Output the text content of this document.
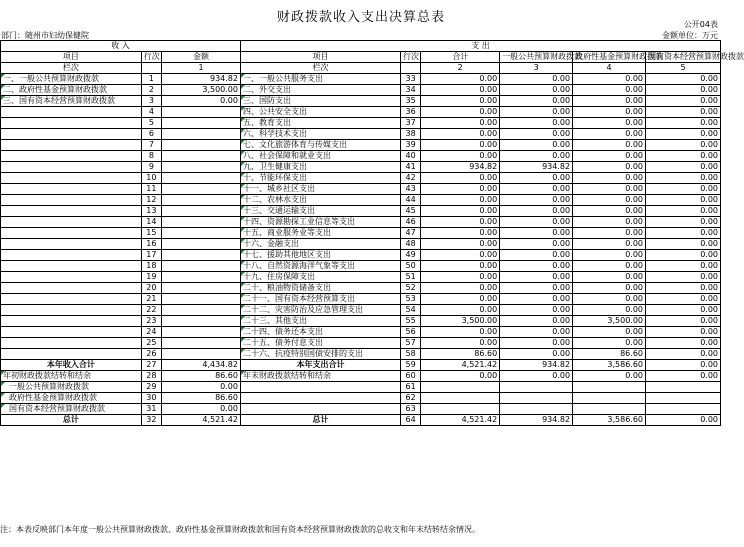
财政拨款收入支出决算总表	公开04表
部门：随州市妇幼保健院	金额单位：万元
收 入			支 出					
项目	行次	金额	项目	行次	合计	一般公共预算财政拨款	政府性基金预算财政拨款	国有资本经营预算财政拨款
栏次		1	栏次		2	3	4	5
一、一般公共预算财政拨款	1	934.82	一、一般公共服务支出	33	0.00	0.00	0.00	0.00
二、政府性基金预算财政拨款	2	3,500.00	二、外交支出	34	0.00	0.00	0.00	0.00
三、国有资本经营预算财政拨款	3	0.00	三、国防支出	35	0.00	0.00	0.00	0.00
	4		四、公共安全支出	36	0.00	0.00	0.00	0.00
	5		五、教育支出	37	0.00	0.00	0.00	0.00
	6		六、科学技术支出	38	0.00	0.00	0.00	0.00
	7		七、文化旅游体育与传媒支出	39	0.00	0.00	0.00	0.00
	8		八、社会保障和就业支出	40	0.00	0.00	0.00	0.00
	9		九、卫生健康支出	41	934.82	934.82	0.00	0.00
	10		十、节能环保支出	42	0.00	0.00	0.00	0.00
	11		十一、城乡社区支出	43	0.00	0.00	0.00	0.00
	12		十二、农林水支出	44	0.00	0.00	0.00	0.00
	13		十三、交通运输支出	45	0.00	0.00	0.00	0.00
	14		十四、资源勘探工业信息等支出	46	0.00	0.00	0.00	0.00
	15		十五、商业服务业等支出	47	0.00	0.00	0.00	0.00
	16		十六、金融支出	48	0.00	0.00	0.00	0.00
	17		十七、援助其他地区支出	49	0.00	0.00	0.00	0.00
	18		十八、自然资源海洋气象等支出	50	0.00	0.00	0.00	0.00
	19		十九、住房保障支出	51	0.00	0.00	0.00	0.00
	20		二十、粮油物资储备支出	52	0.00	0.00	0.00	0.00
	21		二十一、国有资本经营预算支出	53	0.00	0.00	0.00	0.00
	22		二十二、灾害防治及应急管理支出	54	0.00	0.00	0.00	0.00
	23		二十三、其他支出	55	3,500.00	0.00	3,500.00	0.00
	24		二十四、债务还本支出	56	0.00	0.00	0.00	0.00
	25		二十五、债务付息支出	57	0.00	0.00	0.00	0.00
	26		二十六、抗疫特别国债安排的支出	58	86.60	0.00	86.60	0.00
本年收入合计	27	4,434.82	本年支出合计	59	4,521.42	934.82	3,586.60	0.00
年初财政拨款结转和结余	28	86.60	年末财政拨款结转和结余	60	0.00	0.00	0.00	0.00
一般公共预算财政拨款	29	0.00		61				
政府性基金预算财政拨款	30	86.60		62				
国有资本经营预算财政拨款	31	0.00		63				
总计	32	4,521.42	总计	64	4,521.42	934.82	3,586.60	0.00
注：本表反映部门本年度一般公共预算财政拨款、政府性基金预算财政拨款和国有资本经营预算财政拨款的总收支和年末结转结余情况。
